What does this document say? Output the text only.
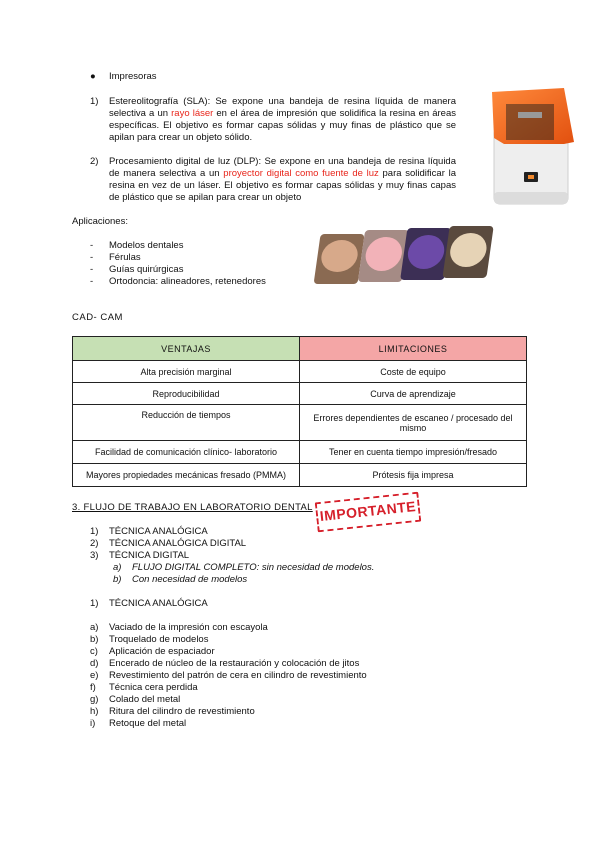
● Impresoras
1)	Estereolitografía (SLA): Se expone una bandeja de resina líquida de manera selectiva a un rayo láser en el área de impresión que solidifica la resina en áreas específicas. El objetivo es formar capas sólidas y muy finas de plástico que se apilan para crear un objeto sólido.
2)	Procesamiento digital de luz (DLP): Se expone en una bandeja de resina líquida de manera selectiva a un proyector digital como fuente de luz para solidificar la resina en vez de un láser. El objetivo es formar capas sólidas y muy finas capas de plástico que se apilan para crear un objeto
Aplicaciones:
- Modelos dentales
- Férulas
- Guías quirúrgicas
- Ortodoncia: alineadores, retenedores
CAD- CAM
VENTAJAS	LIMITACIONES
Alta precisión marginal	Coste de equipo
Reproducibilidad	Curva de aprendizaje
Reducción de tiempos	Errores dependientes de escaneo / procesado del mismo
Facilidad de comunicación clínico- laboratorio	Tener en cuenta tiempo impresión/fresado
Mayores propiedades mecánicas fresado (PMMA)	Prótesis fija impresa
3. FLUJO DE TRABAJO EN LABORATORIO DENTAL IMPORTANTE
1) TÉCNICA ANALÓGICA
2) TÉCNICA ANALÓGICA DIGITAL
3) TÉCNICA DIGITAL
a) FLUJO DIGITAL COMPLETO: sin necesidad de modelos.
b) Con necesidad de modelos
1) TÉCNICA ANALÓGICA
a) Vaciado de la impresión con escayola
b) Troquelado de modelos
c) Aplicación de espaciador
d) Encerado de núcleo de la restauración y colocación de jitos
e) Revestimiento del patrón de cera en cilindro de revestimiento
f) Técnica cera perdida
g) Colado del metal
h) Ritura del cilindro de revestimiento
i) Retoque del metal
